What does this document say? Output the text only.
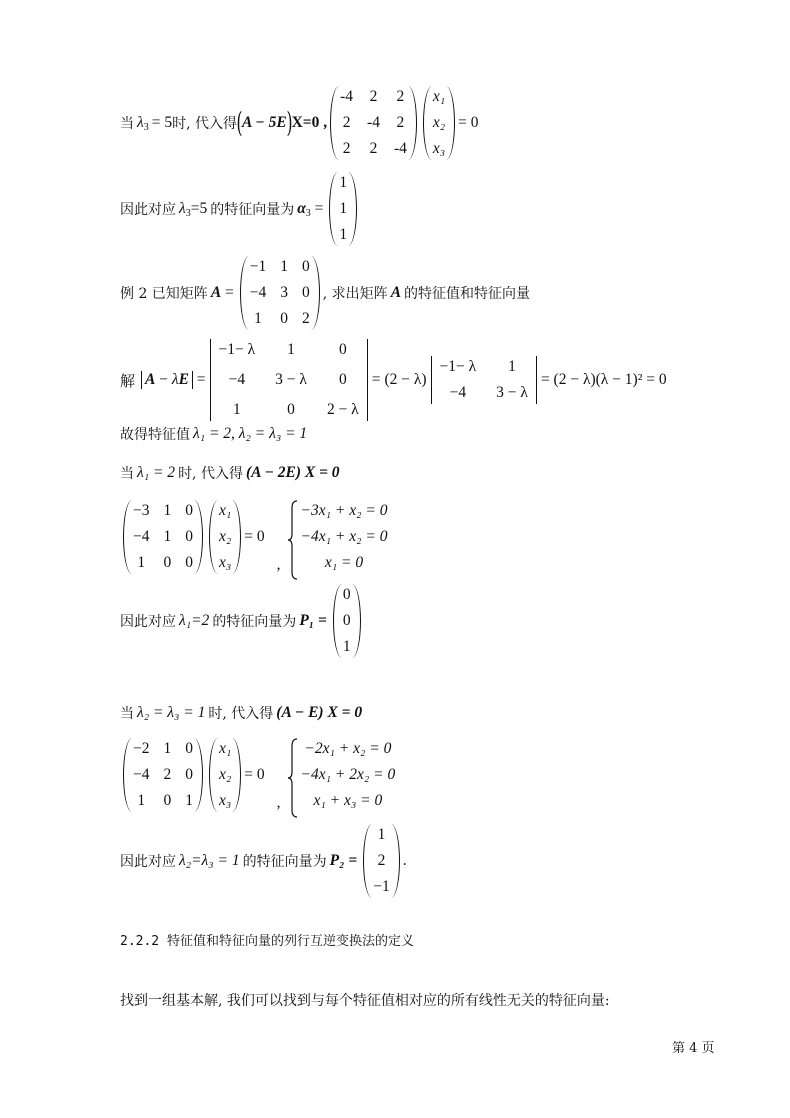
当 $\lambda_3 = 5$ 时, 代入得 ( A − 5E ) X=0 ,
-4 2 2
2 -4 2
2 2 -4
x₁
x₂
x₃
= 0
因此对应 $\lambda_3=5$ 的特征向量为 $\alpha_3$ =
1
1
1
例 2 已知矩阵 A =
−1 1 0
−4 3 0
1 0 2
, 求出矩阵 A 的特征值和特征向量
解 A − λE =
−1− λ	1	0
−4	3 − λ	0
1	0	2 − λ
= (2 − λ)
−1− λ	1
−4	3 − λ
= (2 − λ)(λ − 1)² = 0
故得特征值 λ₁ = 2, λ₂ = λ₃ = 1
当 λ₁ = 2 时, 代入得 (A − 2E) X = 0
−3 1 0
−4 1 0
1 0 0
x₁
x₂
x₃
= 0
,
−3x₁ + x₂ = 0
−4x₁ + x₂ = 0
x₁ = 0
因此对应 λ₁=2 的特征向量为 P₁ =
0
0
1
当 λ₂ = λ₃ = 1 时, 代入得 (A − E) X = 0
−2 1 0
−4 2 0
1 0 1
x₁
x₂
x₃
= 0
,
−2x₁ + x₂ = 0
−4x₁ + 2x₂ = 0
x₁ + x₃ = 0
因此对应 λ₂=λ₃ = 1 的特征向量为 P₂ =
1
2
−1
.
2.2.2 特征值和特征向量的列行互逆变换法的定义
找到一组基本解, 我们可以找到与每个特征值相对应的所有线性无关的特征向量:
第 4 页
